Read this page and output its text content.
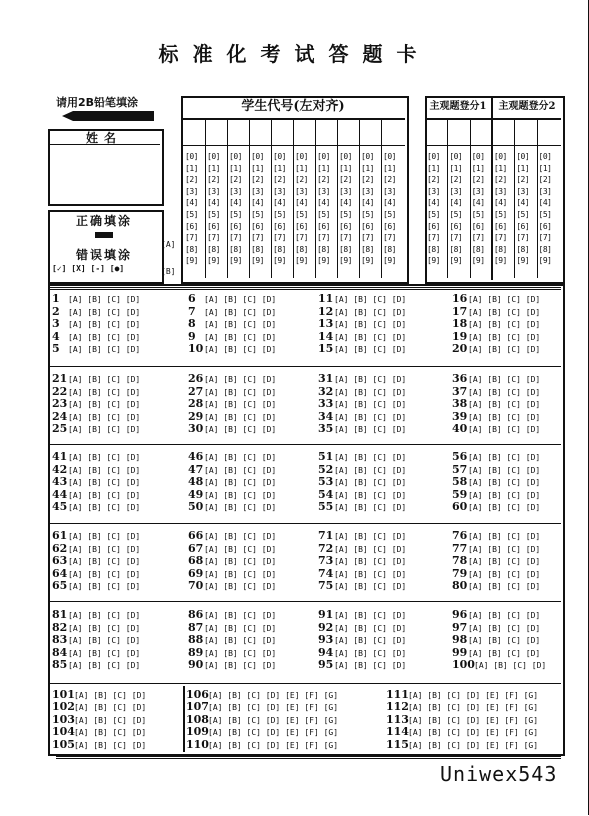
标准化考试答题卡
请用2B铅笔填涂
姓名
正确填涂
错误填涂
[✓] [X] [-] [●]
[A]
[B]
学生代号(左对齐)
[0]
[1]
[2]
[3]
[4]
[5]
[6]
[7]
[8]
[9]
[0]
[1]
[2]
[3]
[4]
[5]
[6]
[7]
[8]
[9]
[0]
[1]
[2]
[3]
[4]
[5]
[6]
[7]
[8]
[9]
[0]
[1]
[2]
[3]
[4]
[5]
[6]
[7]
[8]
[9]
[0]
[1]
[2]
[3]
[4]
[5]
[6]
[7]
[8]
[9]
[0]
[1]
[2]
[3]
[4]
[5]
[6]
[7]
[8]
[9]
[0]
[1]
[2]
[3]
[4]
[5]
[6]
[7]
[8]
[9]
[0]
[1]
[2]
[3]
[4]
[5]
[6]
[7]
[8]
[9]
[0]
[1]
[2]
[3]
[4]
[5]
[6]
[7]
[8]
[9]
[0]
[1]
[2]
[3]
[4]
[5]
[6]
[7]
[8]
[9]
主观题登分1	主观题登分2
[0]
[1]
[2]
[3]
[4]
[5]
[6]
[7]
[8]
[9]
[0]
[1]
[2]
[3]
[4]
[5]
[6]
[7]
[8]
[9]
[0]
[1]
[2]
[3]
[4]
[5]
[6]
[7]
[8]
[9]
[0]
[1]
[2]
[3]
[4]
[5]
[6]
[7]
[8]
[9]
[0]
[1]
[2]
[3]
[4]
[5]
[6]
[7]
[8]
[9]
[0]
[1]
[2]
[3]
[4]
[5]
[6]
[7]
[8]
[9]
1 [A] [B] [C] [D]
2 [A] [B] [C] [D]
3 [A] [B] [C] [D]
4 [A] [B] [C] [D]
5 [A] [B] [C] [D]
6 [A] [B] [C] [D]
7 [A] [B] [C] [D]
8 [A] [B] [C] [D]
9 [A] [B] [C] [D]
10[A] [B] [C] [D]
11[A] [B] [C] [D]
12[A] [B] [C] [D]
13[A] [B] [C] [D]
14[A] [B] [C] [D]
15[A] [B] [C] [D]
16[A] [B] [C] [D]
17[A] [B] [C] [D]
18[A] [B] [C] [D]
19[A] [B] [C] [D]
20[A] [B] [C] [D]
21[A] [B] [C] [D]
22[A] [B] [C] [D]
23[A] [B] [C] [D]
24[A] [B] [C] [D]
25[A] [B] [C] [D]
26[A] [B] [C] [D]
27[A] [B] [C] [D]
28[A] [B] [C] [D]
29[A] [B] [C] [D]
30[A] [B] [C] [D]
31[A] [B] [C] [D]
32[A] [B] [C] [D]
33[A] [B] [C] [D]
34[A] [B] [C] [D]
35[A] [B] [C] [D]
36[A] [B] [C] [D]
37[A] [B] [C] [D]
38[A] [B] [C] [D]
39[A] [B] [C] [D]
40[A] [B] [C] [D]
41[A] [B] [C] [D]
42[A] [B] [C] [D]
43[A] [B] [C] [D]
44[A] [B] [C] [D]
45[A] [B] [C] [D]
46[A] [B] [C] [D]
47[A] [B] [C] [D]
48[A] [B] [C] [D]
49[A] [B] [C] [D]
50[A] [B] [C] [D]
51[A] [B] [C] [D]
52[A] [B] [C] [D]
53[A] [B] [C] [D]
54[A] [B] [C] [D]
55[A] [B] [C] [D]
56[A] [B] [C] [D]
57[A] [B] [C] [D]
58[A] [B] [C] [D]
59[A] [B] [C] [D]
60[A] [B] [C] [D]
61[A] [B] [C] [D]
62[A] [B] [C] [D]
63[A] [B] [C] [D]
64[A] [B] [C] [D]
65[A] [B] [C] [D]
66[A] [B] [C] [D]
67[A] [B] [C] [D]
68[A] [B] [C] [D]
69[A] [B] [C] [D]
70[A] [B] [C] [D]
71[A] [B] [C] [D]
72[A] [B] [C] [D]
73[A] [B] [C] [D]
74[A] [B] [C] [D]
75[A] [B] [C] [D]
76[A] [B] [C] [D]
77[A] [B] [C] [D]
78[A] [B] [C] [D]
79[A] [B] [C] [D]
80[A] [B] [C] [D]
81[A] [B] [C] [D]
82[A] [B] [C] [D]
83[A] [B] [C] [D]
84[A] [B] [C] [D]
85[A] [B] [C] [D]
86[A] [B] [C] [D]
87[A] [B] [C] [D]
88[A] [B] [C] [D]
89[A] [B] [C] [D]
90[A] [B] [C] [D]
91[A] [B] [C] [D]
92[A] [B] [C] [D]
93[A] [B] [C] [D]
94[A] [B] [C] [D]
95[A] [B] [C] [D]
96[A] [B] [C] [D]
97[A] [B] [C] [D]
98[A] [B] [C] [D]
99[A] [B] [C] [D]
100[A] [B] [C] [D]
101[A] [B] [C] [D]
102[A] [B] [C] [D]
103[A] [B] [C] [D]
104[A] [B] [C] [D]
105[A] [B] [C] [D]
106[A] [B] [C] [D] [E] [F] [G]
107[A] [B] [C] [D] [E] [F] [G]
108[A] [B] [C] [D] [E] [F] [G]
109[A] [B] [C] [D] [E] [F] [G]
110[A] [B] [C] [D] [E] [F] [G]
111[A] [B] [C] [D] [E] [F] [G]
112[A] [B] [C] [D] [E] [F] [G]
113[A] [B] [C] [D] [E] [F] [G]
114[A] [B] [C] [D] [E] [F] [G]
115[A] [B] [C] [D] [E] [F] [G]
Uniwex543
